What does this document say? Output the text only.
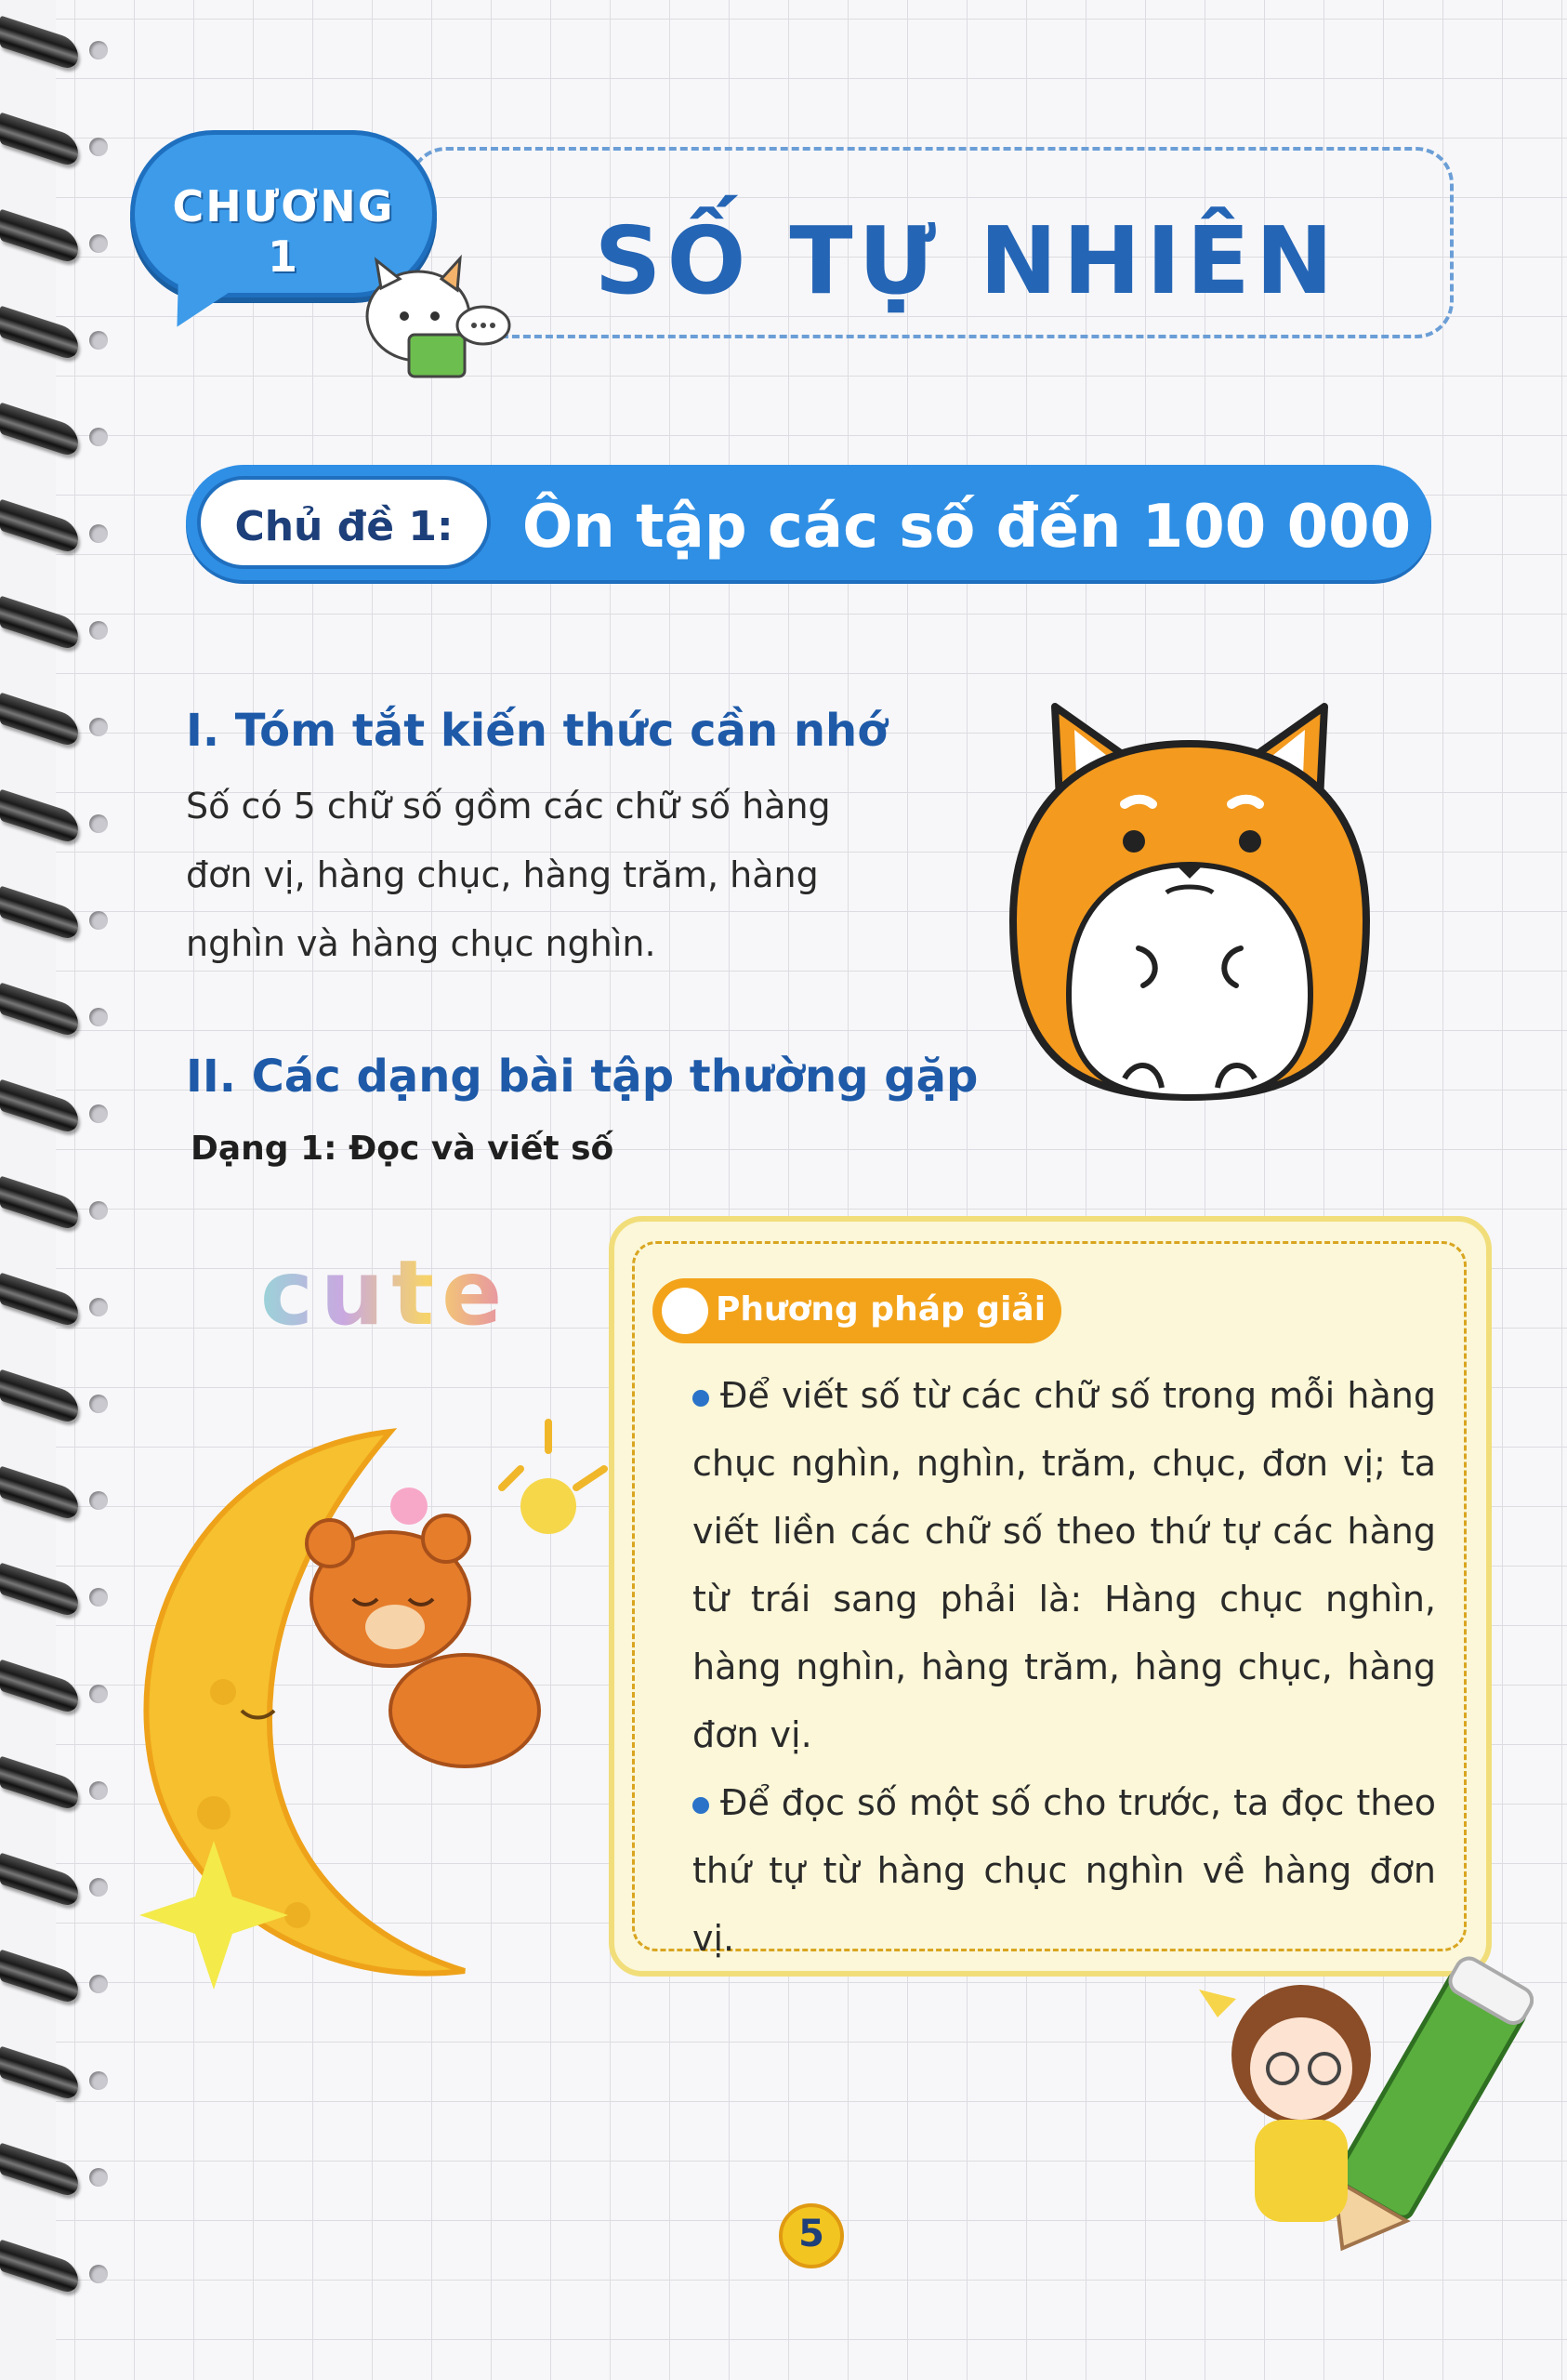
CHƯƠNG 1	SỐ TỰ NHIÊN
Chủ đề 1:	Ôn tập các số đến 100 000
I. Tóm tắt kiến thức cần nhớ
Số có 5 chữ số gồm các chữ số hàng
đơn vị, hàng chục, hàng trăm, hàng
nghìn và hàng chục nghìn.
II. Các dạng bài tập thường gặp
Dạng 1: Đọc và viết số
cute	Phương pháp giải
Để viết số từ các chữ số trong mỗi hàng chục nghìn, nghìn, trăm, chục, đơn vị; ta viết liền các chữ số theo thứ tự các hàng từ trái sang phải là: Hàng chục nghìn, hàng nghìn, hàng trăm, hàng chục, hàng đơn vị.
Để đọc số một số cho trước, ta đọc theo thứ tự từ hàng chục nghìn về hàng đơn vị.
5
